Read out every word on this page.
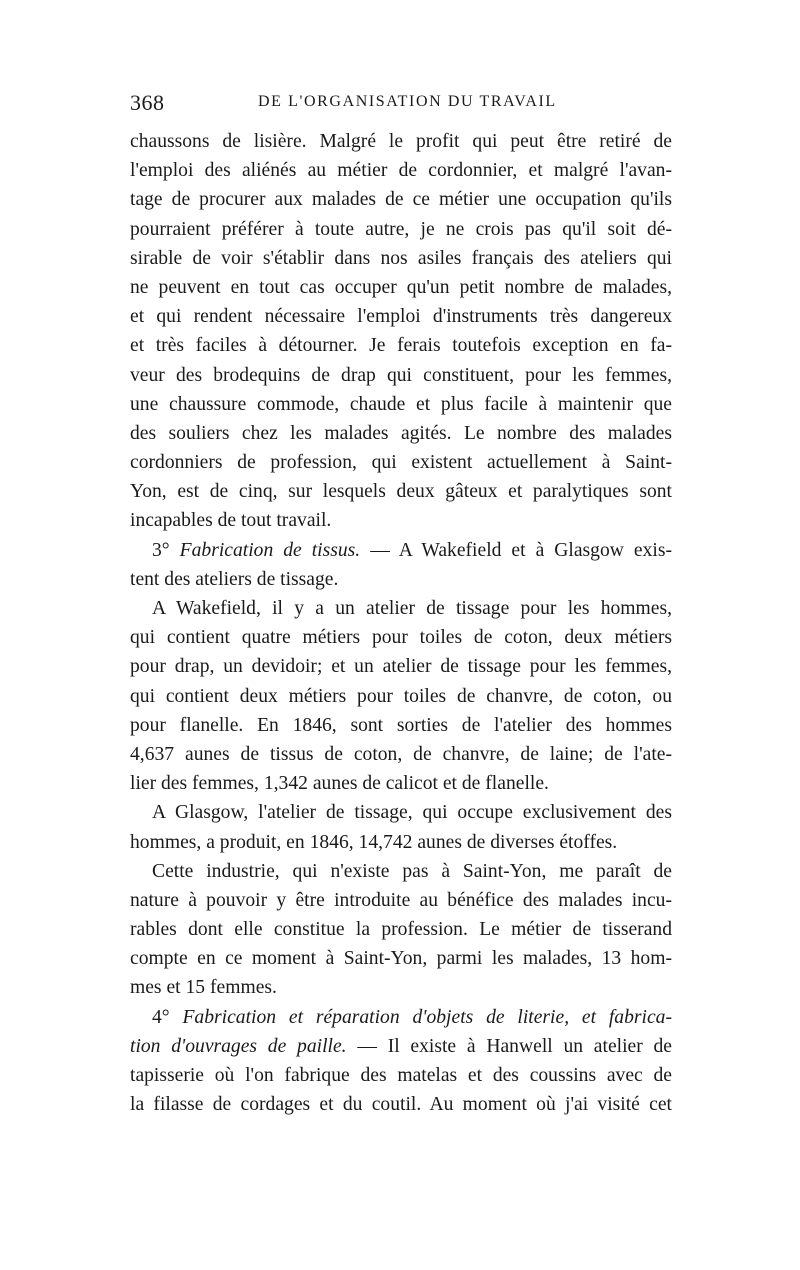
368	DE L'ORGANISATION DU TRAVAIL
chaussons de lisière. Malgré le profit qui peut être retiré de
l'emploi des aliénés au métier de cordonnier, et malgré l'avan-
tage de procurer aux malades de ce métier une occupation qu'ils
pourraient préférer à toute autre, je ne crois pas qu'il soit dé-
sirable de voir s'établir dans nos asiles français des ateliers qui
ne peuvent en tout cas occuper qu'un petit nombre de malades,
et qui rendent nécessaire l'emploi d'instruments très dangereux
et très faciles à détourner. Je ferais toutefois exception en fa-
veur des brodequins de drap qui constituent, pour les femmes,
une chaussure commode, chaude et plus facile à maintenir que
des souliers chez les malades agités. Le nombre des malades
cordonniers de profession, qui existent actuellement à Saint-
Yon, est de cinq, sur lesquels deux gâteux et paralytiques sont
incapables de tout travail.
3° Fabrication de tissus. — A Wakefield et à Glasgow exis-
tent des ateliers de tissage.
A Wakefield, il y a un atelier de tissage pour les hommes,
qui contient quatre métiers pour toiles de coton, deux métiers
pour drap, un devidoir; et un atelier de tissage pour les femmes,
qui contient deux métiers pour toiles de chanvre, de coton, ou
pour flanelle. En 1846, sont sorties de l'atelier des hommes
4,637 aunes de tissus de coton, de chanvre, de laine; de l'ate-
lier des femmes, 1,342 aunes de calicot et de flanelle.
A Glasgow, l'atelier de tissage, qui occupe exclusivement des
hommes, a produit, en 1846, 14,742 aunes de diverses étoffes.
Cette industrie, qui n'existe pas à Saint-Yon, me paraît de
nature à pouvoir y être introduite au bénéfice des malades incu-
rables dont elle constitue la profession. Le métier de tisserand
compte en ce moment à Saint-Yon, parmi les malades, 13 hom-
mes et 15 femmes.
4° Fabrication et réparation d'objets de literie, et fabrica-
tion d'ouvrages de paille. — Il existe à Hanwell un atelier de
tapisserie où l'on fabrique des matelas et des coussins avec de
la filasse de cordages et du coutil. Au moment où j'ai visité cet
